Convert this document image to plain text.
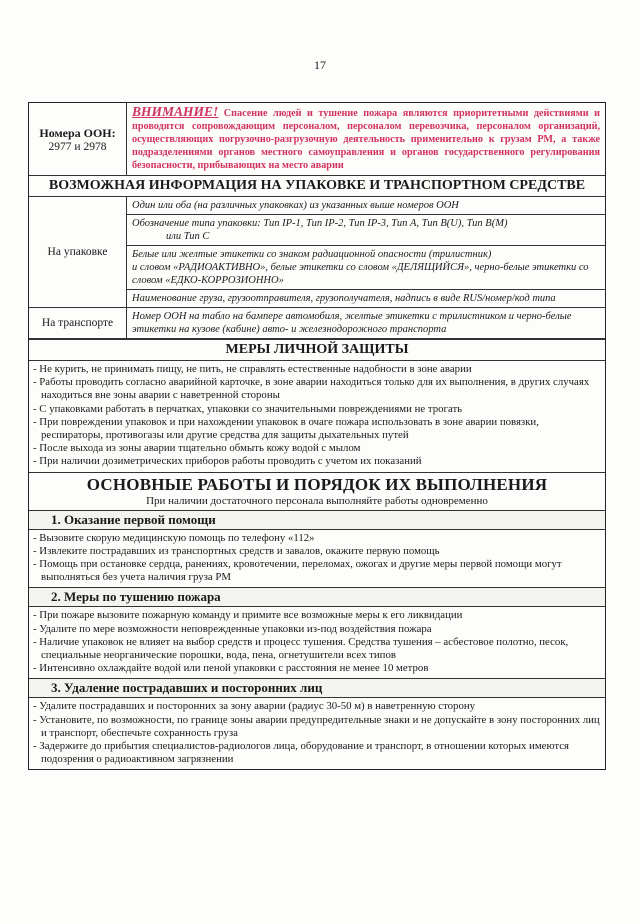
17
Номера ООН:
2977 и 2978
ВНИМАНИЕ! Спасение людей и тушение пожара являются приоритетными действиями и проводятся сопровождающим персоналом, персоналом перевозчика, персоналом организаций, осуществляющих погрузочно-разгрузочную деятельность применительно к грузам РМ, а также подразделениями органов местного самоуправления и органов государственного регулирования безопасности, прибывающих на место аварии
ВОЗМОЖНАЯ ИНФОРМАЦИЯ НА УПАКОВКЕ И ТРАНСПОРТНОМ СРЕДСТВЕ
На упаковке
Один или оба (на различных упаковках) из указанных выше номеров ООН
Обозначение типа упаковки: Тип IP-1, Тип IP-2, Тип IP-3, Тип А, Тип B(U), Тип B(M)
или Тип С
Белые или желтые этикетки со знаком радиационной опасности (трилистник)
и словом «РАДИОАКТИВНО», белые этикетки со словом «ДЕЛЯЩИЙСЯ», черно-белые этикетки со словом «ЕДКО-КОРРОЗИОННО»
Наименование груза, грузоотправителя, грузополучателя, надпись в виде RUS/номер/код типа
На транспорте
Номер ООН на табло на бампере автомобиля, желтые этикетки с трилистником и черно-белые этикетки на кузове (кабине) авто- и железнодорожного транспорта
МЕРЫ ЛИЧНОЙ ЗАЩИТЫ
- Не курить, не принимать пищу, не пить, не справлять естественные надобности в зоне аварии
- Работы проводить согласно аварийной карточке, в зоне аварии находиться только для их выполнения, в других случаях находиться вне зоны аварии с наветренной стороны
- С упаковками работать в перчатках, упаковки со значительными повреждениями не трогать
- При повреждении упаковок и при нахождении упаковок в очаге пожара использовать в зоне аварии повязки, респираторы, противогазы или другие средства для защиты дыхательных путей
- После выхода из зоны аварии тщательно обмыть кожу водой с мылом
- При наличии дозиметрических приборов работы проводить с учетом их показаний
ОСНОВНЫЕ РАБОТЫ И ПОРЯДОК ИХ ВЫПОЛНЕНИЯ
При наличии достаточного персонала выполняйте работы одновременно
1. Оказание первой помощи
- Вызовите скорую медицинскую помощь по телефону «112»
- Извлеките пострадавших из транспортных средств и завалов, окажите первую помощь
- Помощь при остановке сердца, ранениях, кровотечении, переломах, ожогах и другие меры первой помощи могут выполняться без учета наличия груза РМ
2. Меры по тушению пожара
- При пожаре вызовите пожарную команду и примите все возможные меры к его ликвидации
- Удалите по мере возможности неповрежденные упаковки из-под воздействия пожара
- Наличие упаковок не влияет на выбор средств и процесс тушения. Средства тушения – асбестовое полотно, песок, специальные неорганические порошки, вода, пена, огнетушители всех типов
- Интенсивно охлаждайте водой или пеной упаковки с расстояния не менее 10 метров
3. Удаление пострадавших и посторонних лиц
- Удалите пострадавших и посторонних за зону аварии (радиус 30-50 м) в наветренную сторону
- Установите, по возможности, по границе зоны аварии предупредительные знаки и не допускайте в зону посторонних лиц и транспорт, обеспечьте сохранность груза
- Задержите до прибытия специалистов-радиологов лица, оборудование и транспорт, в отношении которых имеются подозрения о радиоактивном загрязнении
